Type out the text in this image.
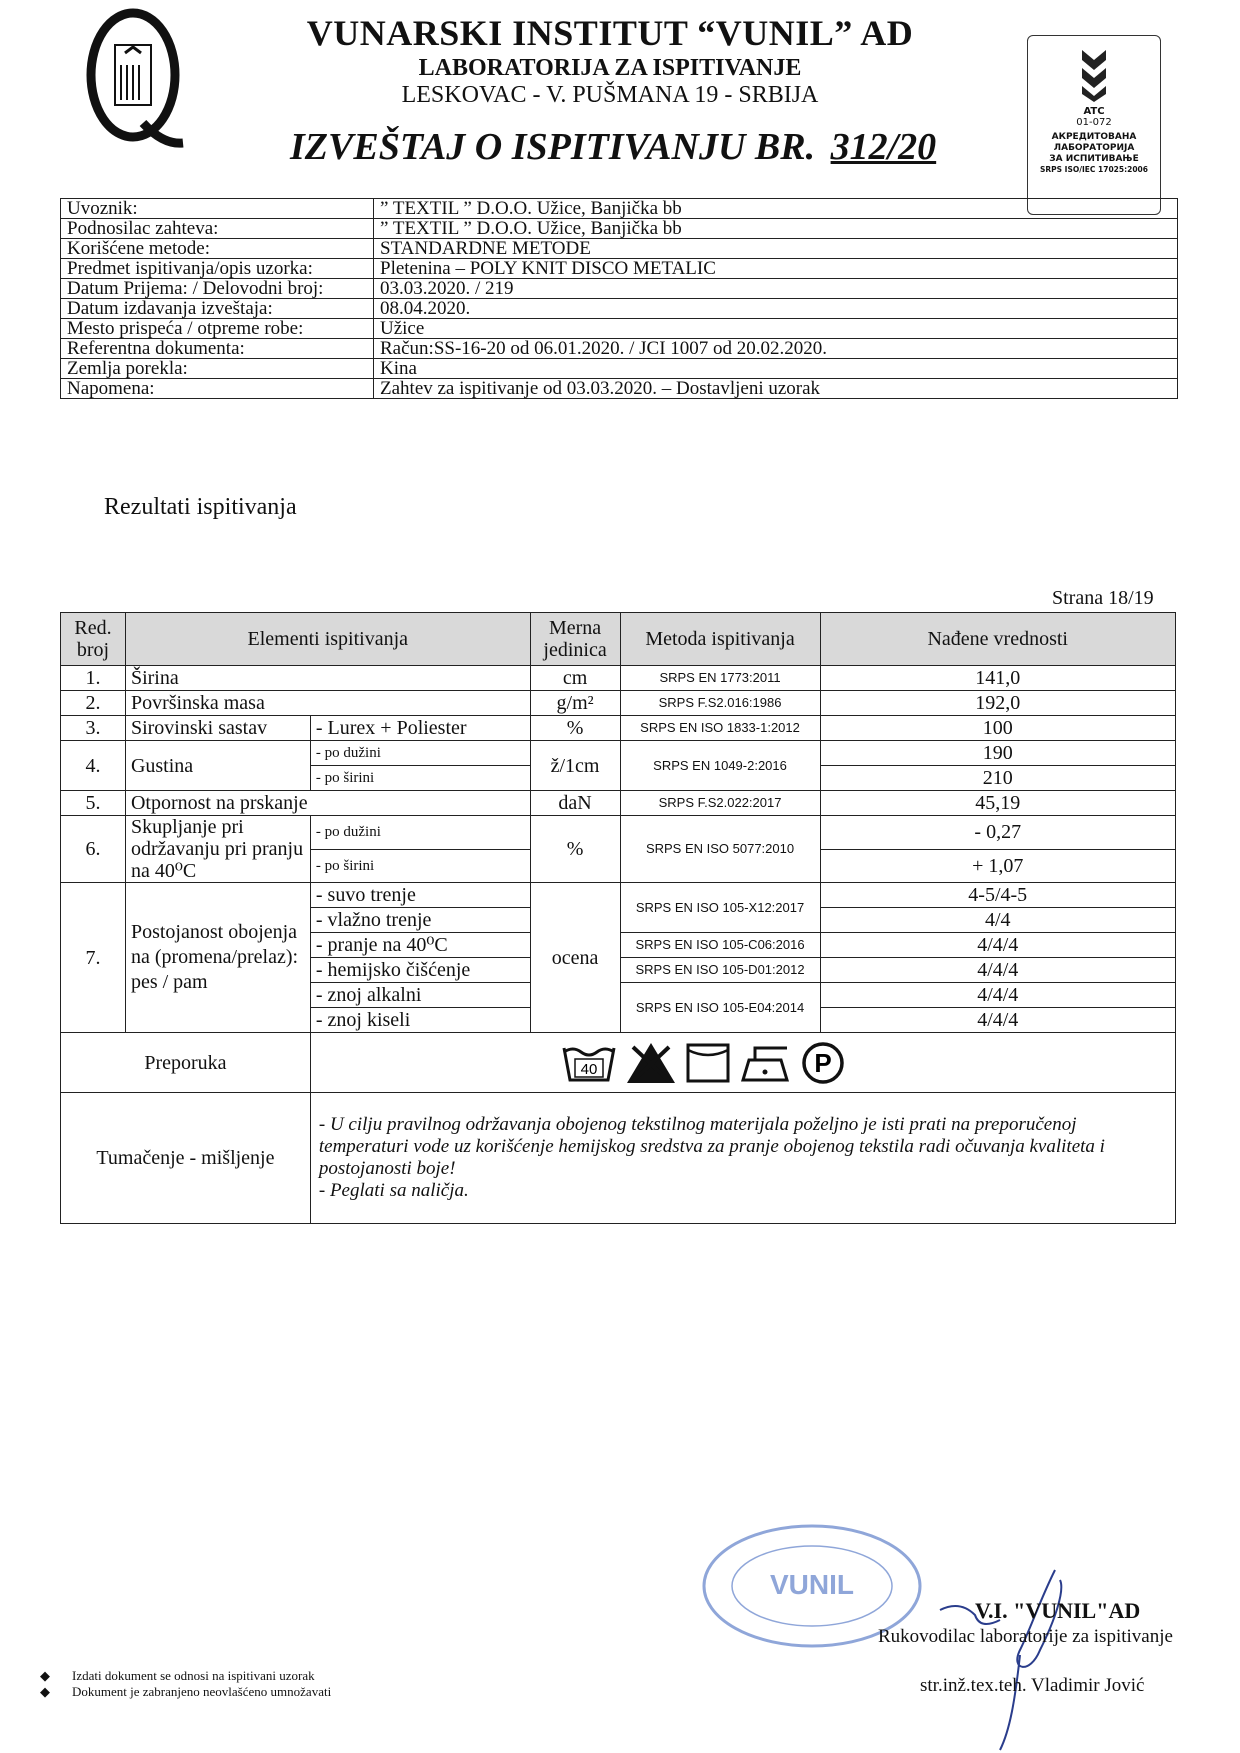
VUNARSKI INSTITUT “VUNIL” AD
LABORATORIJA ZA ISPITIVANJE
LESKOVAC - V. PUŠMANA 19 - SRBIJA
IZVEŠTAJ O ISPITIVANJU BR. 312/20
ATC
01-072
АКРЕДИТОВАНА
ЛАБОРАТОРИЈА
ЗА ИСПИТИВАЊЕ
SRPS ISO/IEC 17025:2006
Uvoznik:	” TEXTIL ” D.O.O. Užice, Banjička bb
Podnosilac zahteva:	” TEXTIL ” D.O.O. Užice, Banjička bb
Korišćene metode:	STANDARDNE METODE
Predmet ispitivanja/opis uzorka:	Pletenina – POLY KNIT DISCO METALIC
Datum Prijema: / Delovodni broj:	03.03.2020. / 219
Datum izdavanja izveštaja:	08.04.2020.
Mesto prispeća / otpreme robe:	Užice
Referentna dokumenta:	Račun:SS-16-20 od 06.01.2020. / JCI 1007 od 20.02.2020.
Zemlja porekla:	Kina
Napomena:	Zahtev za ispitivanje od 03.03.2020. – Dostavljeni uzorak
Rezultati ispitivanja
Strana 18/19
Red. broj	Elementi ispitivanja		Merna jedinica	Metoda ispitivanja	Nađene vrednosti
1.	Širina		cm	SRPS EN 1773:2011	141,0
2.	Površinska masa		g/m²	SRPS F.S2.016:1986	192,0
3.	Sirovinski sastav	- Lurex + Poliester	%	SRPS EN ISO 1833-1:2012	100
4.	Gustina	- po dužini	ž/1cm	SRPS EN 1049-2:2016	190
		- po širini			210
5.	Otpornost na prskanje		daN	SRPS F.S2.022:2017	45,19
6.	Skupljanje pri održavanju pri pranju na 40⁰C	- po dužini	%	SRPS EN ISO 5077:2010	- 0,27
		- po širini			+ 1,07
7.	Postojanost obojenja na (promena/prelaz): pes / pam	- suvo trenje	ocena	SRPS EN ISO 105-X12:2017	4-5/4-5
		- vlažno trenje			4/4
		- pranje na 40⁰C		SRPS EN ISO 105-C06:2016	4/4/4
		- hemijsko čišćenje		SRPS EN ISO 105-D01:2012	4/4/4
		- znoj alkalni		SRPS EN ISO 105-E04:2014	4/4/4
		- znoj kiseli			4/4/4
Preporuka		40 P			

Tumačenje - mišljenje		- U cilju pravilnog održavanja obojenog tekstilnog materijala poželjno je isti prati na preporučenoj temperaturi vode uz korišćenje hemijskog sredstva za pranje obojenog tekstila radi očuvanja kvaliteta i postojanosti boje!
- Peglati sa naličja.			
VUNIL
V.I. "VUNIL"AD
Rukovodilac laboratorije za ispitivanje
str.inž.tex.teh. Vladimir Jović
◆ Izdati dokument se odnosi na ispitivani uzorak
◆ Dokument je zabranjeno neovlašćeno umnožavati
